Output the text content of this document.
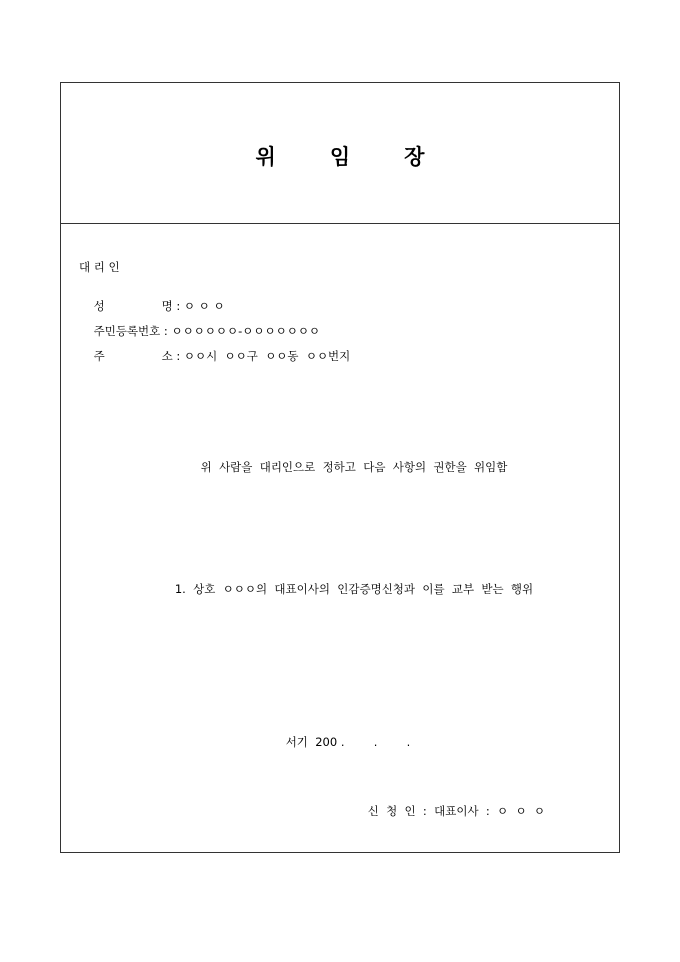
위	임	장
대 리 인

성	명 : ㅇ ㅇ ㅇ

주민등록번호 : ㅇㅇㅇㅇㅇㅇ-ㅇㅇㅇㅇㅇㅇㅇ

주	소 : ㅇㅇ시  ㅇㅇ구  ㅇㅇ동  ㅇㅇ번지

위  사람을  대리인으로  정하고  다음  사항의  권한을  위임함
1.  상호  ㅇㅇㅇ의  대표이사의  인감증명신청과  이를  교부  받는  행위
서기  200 .        .        .
신  청  인  :  대표이사  :  ㅇ  ㅇ  ㅇ
